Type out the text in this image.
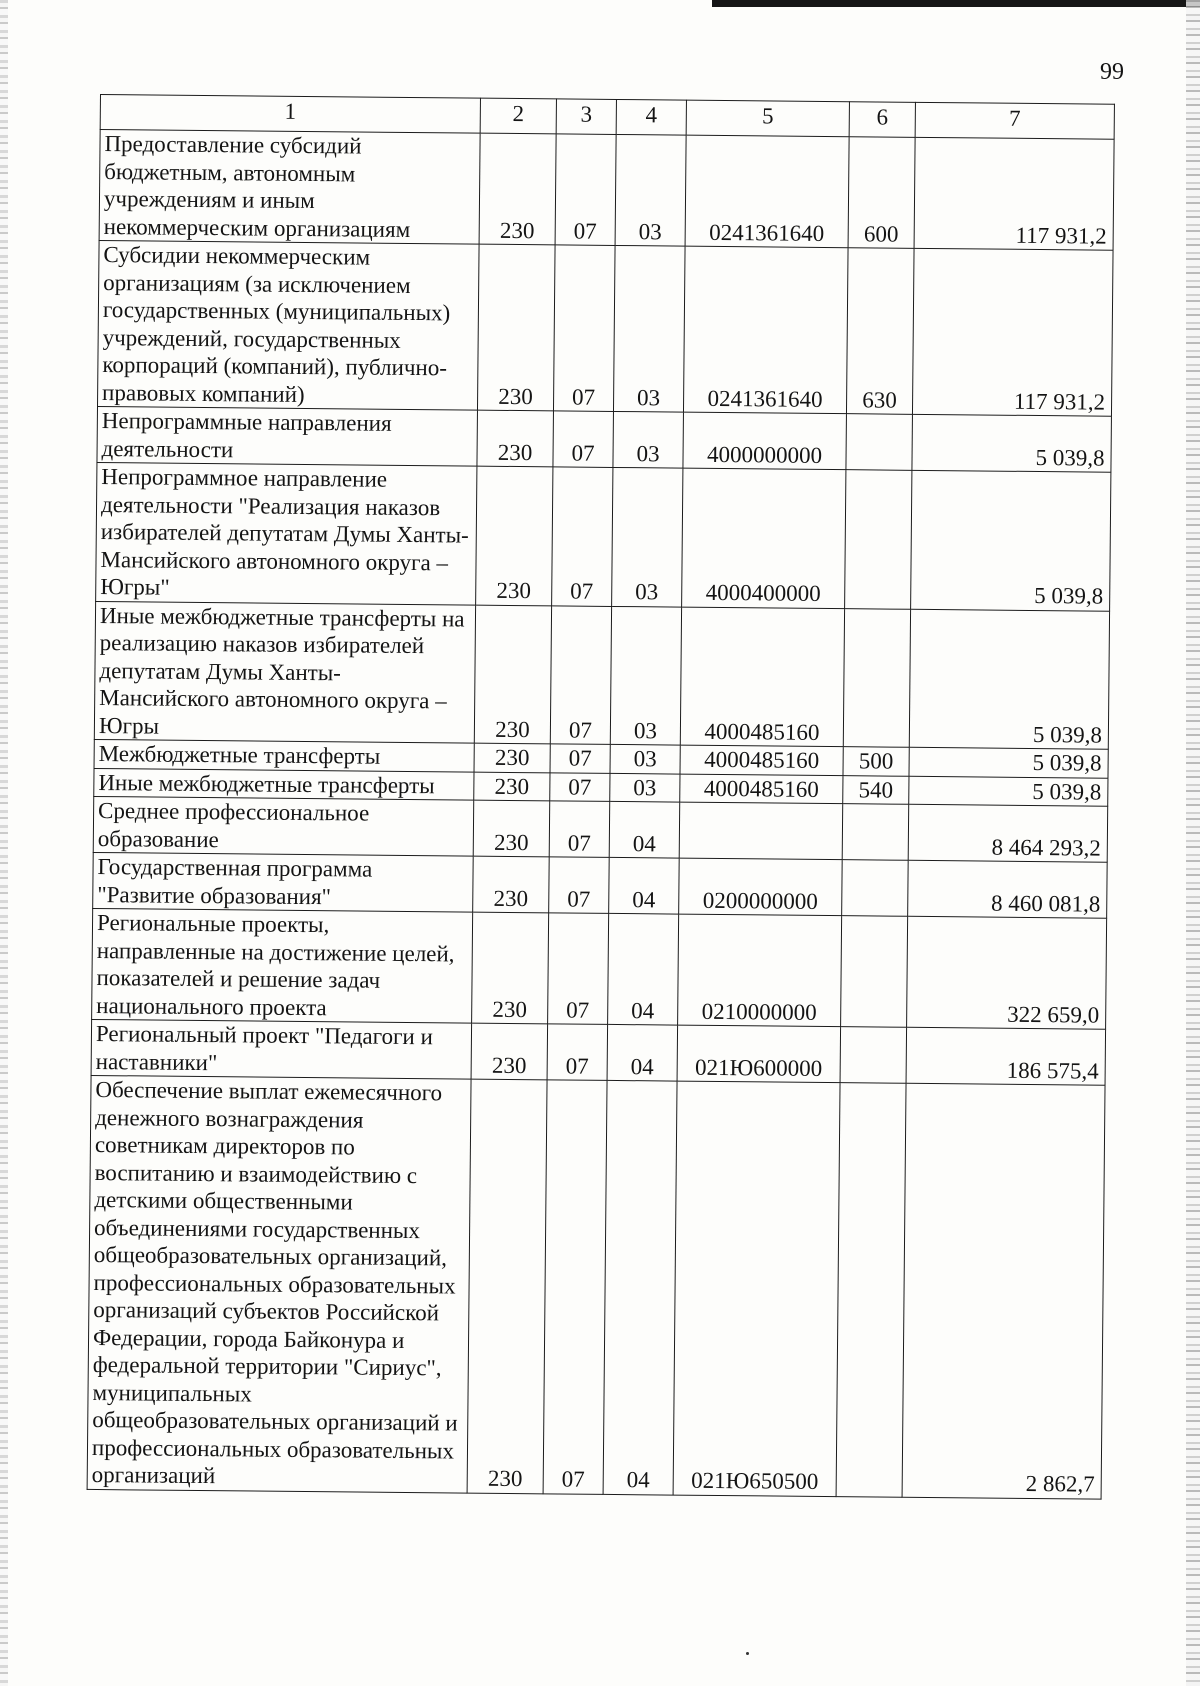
99
1	2	3	4	5	6	7
Предоставление субсидий бюджетным, автономным учреждениям и иным некоммерческим организациям	230	07	03	0241361640	600	117 931,2
Субсидии некоммерческим организациям (за исключением государственных (муниципальных) учреждений, государственных корпораций (компаний), публично-правовых компаний)	230	07	03	0241361640	630	117 931,2
Непрограммные направления деятельности	230	07	03	4000000000		5 039,8
Непрограммное направление деятельности "Реализация наказов избирателей депутатам Думы Ханты-Мансийского автономного округа – Югры"	230	07	03	4000400000		5 039,8
Иные межбюджетные трансферты на реализацию наказов избирателей депутатам Думы Ханты-Мансийского автономного округа – Югры	230	07	03	4000485160		5 039,8
Межбюджетные трансферты	230	07	03	4000485160	500	5 039,8
Иные межбюджетные трансферты	230	07	03	4000485160	540	5 039,8
Среднее профессиональное образование	230	07	04			8 464 293,2
Государственная программа "Развитие образования"	230	07	04	0200000000		8 460 081,8
Региональные проекты, направленные на достижение целей, показателей и решение задач национального проекта	230	07	04	0210000000		322 659,0
Региональный проект "Педагоги и наставники"	230	07	04	021Ю600000		186 575,4
Обеспечение выплат ежемесячного денежного вознаграждения советникам директоров по воспитанию и взаимодействию с детскими общественными объединениями государственных общеобразовательных организаций, профессиональных образовательных организаций субъектов Российской Федерации, города Байконура и федеральной территории "Сириус", муниципальных общеобразовательных организаций и профессиональных образовательных организаций	230	07	04	021Ю650500		2 862,7
